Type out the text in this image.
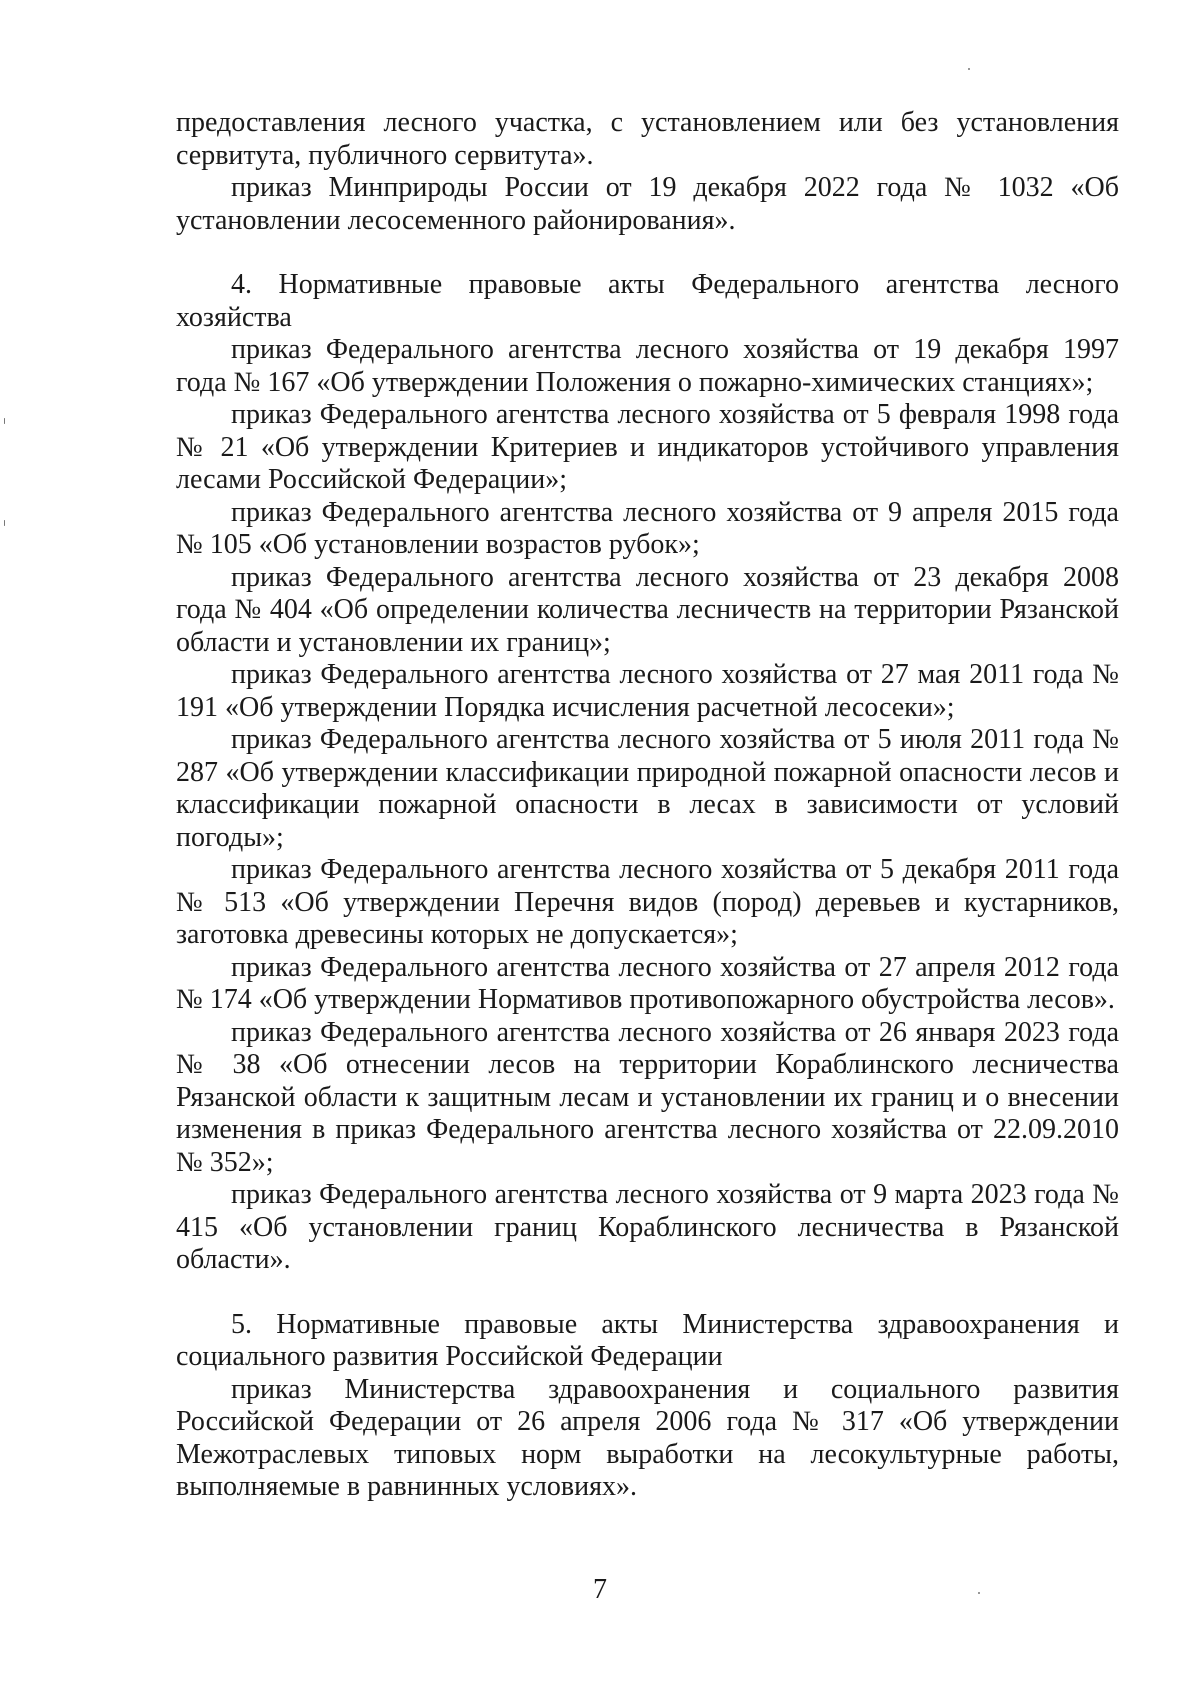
предоставления лесного участка, с установлением или без установления сервитута, публичного сервитута».

приказ Минприроды России от 19 декабря 2022 года № 1032 «Об установлении лесосеменного районирования».

4. Нормативные правовые акты Федерального агентства лесного хозяйства

приказ Федерального агентства лесного хозяйства от 19 декабря 1997 года № 167 «Об утверждении Положения о пожарно-химических станциях»;

приказ Федерального агентства лесного хозяйства от 5 февраля 1998 года № 21 «Об утверждении Критериев и индикаторов устойчивого управления лесами Российской Федерации»;

приказ Федерального агентства лесного хозяйства от 9 апреля 2015 года № 105 «Об установлении возрастов рубок»;

приказ Федерального агентства лесного хозяйства от 23 декабря 2008 года № 404 «Об определении количества лесничеств на территории Рязанской области и установлении их границ»;

приказ Федерального агентства лесного хозяйства от 27 мая 2011 года № 191 «Об утверждении Порядка исчисления расчетной лесосеки»;

приказ Федерального агентства лесного хозяйства от 5 июля 2011 года № 287 «Об утверждении классификации природной пожарной опасности лесов и классификации пожарной опасности в лесах в зависимости от условий погоды»;

приказ Федерального агентства лесного хозяйства от 5 декабря 2011 года № 513 «Об утверждении Перечня видов (пород) деревьев и кустарников, заготовка древесины которых не допускается»;

приказ Федерального агентства лесного хозяйства от 27 апреля 2012 года № 174 «Об утверждении Нормативов противопожарного обустройства лесов».

приказ Федерального агентства лесного хозяйства от 26 января 2023 года № 38 «Об отнесении лесов на территории Кораблинского лесничества Рязанской области к защитным лесам и установлении их границ и о внесении изменения в приказ Федерального агентства лесного хозяйства от 22.09.2010 № 352»;

приказ Федерального агентства лесного хозяйства от 9 марта 2023 года № 415 «Об установлении границ Кораблинского лесничества в Рязанской области».

5. Нормативные правовые акты Министерства здравоохранения и социального развития Российской Федерации

приказ Министерства здравоохранения и социального развития Российской Федерации от 26 апреля 2006 года № 317 «Об утверждении Межотраслевых типовых норм выработки на лесокультурные работы, выполняемые в равнинных условиях».

7
